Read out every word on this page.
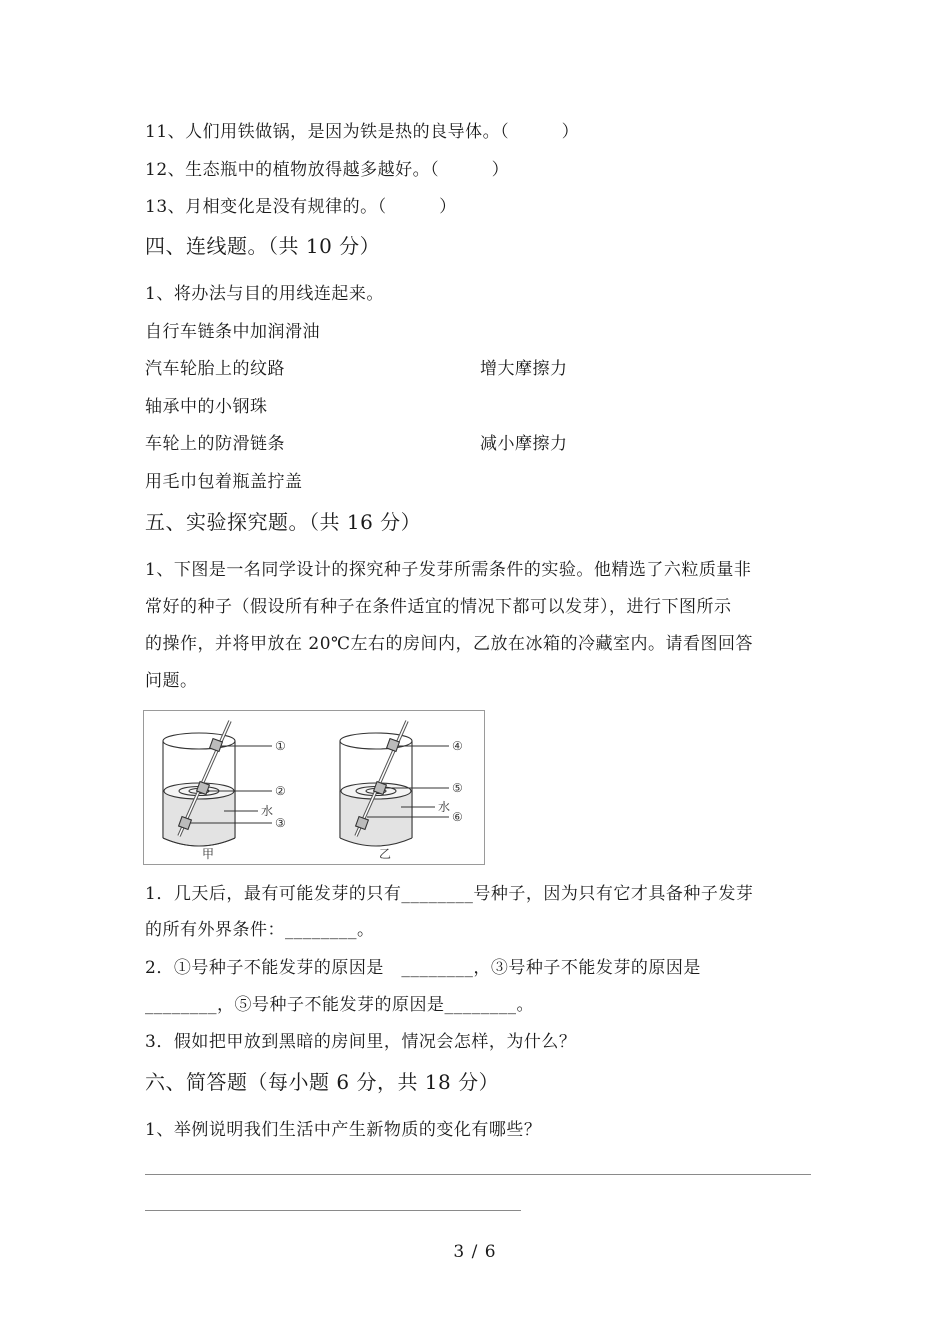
11、人们用铁做锅，是因为铁是热的良导体。（　　　）
12、生态瓶中的植物放得越多越好。（　　　）
13、月相变化是没有规律的。（　　　）
四、连线题。（共 10 分）
1、将办法与目的用线连起来。
自行车链条中加润滑油
汽车轮胎上的纹路	增大摩擦力
轴承中的小钢珠
车轮上的防滑链条	减小摩擦力
用毛巾包着瓶盖拧盖
五、实验探究题。（共 16 分）
1、下图是一名同学设计的探究种子发芽所需条件的实验。他精选了六粒质量非
常好的种子（假设所有种子在条件适宜的情况下都可以发芽），进行下图所示
的操作，并将甲放在 20℃左右的房间内，乙放在冰箱的冷藏室内。请看图回答
问题。
①
②
水
③
甲
④
⑤
水
⑥
乙
1．几天后，最有可能发芽的只有________号种子，因为只有它才具备种子发芽
的所有外界条件：________。
2．①号种子不能发芽的原因是　________，③号种子不能发芽的原因是
________，⑤号种子不能发芽的原因是________。
3．假如把甲放到黑暗的房间里，情况会怎样，为什么？
六、简答题（每小题 6 分，共 18 分）
1、举例说明我们生活中产生新物质的变化有哪些？
3 / 6
